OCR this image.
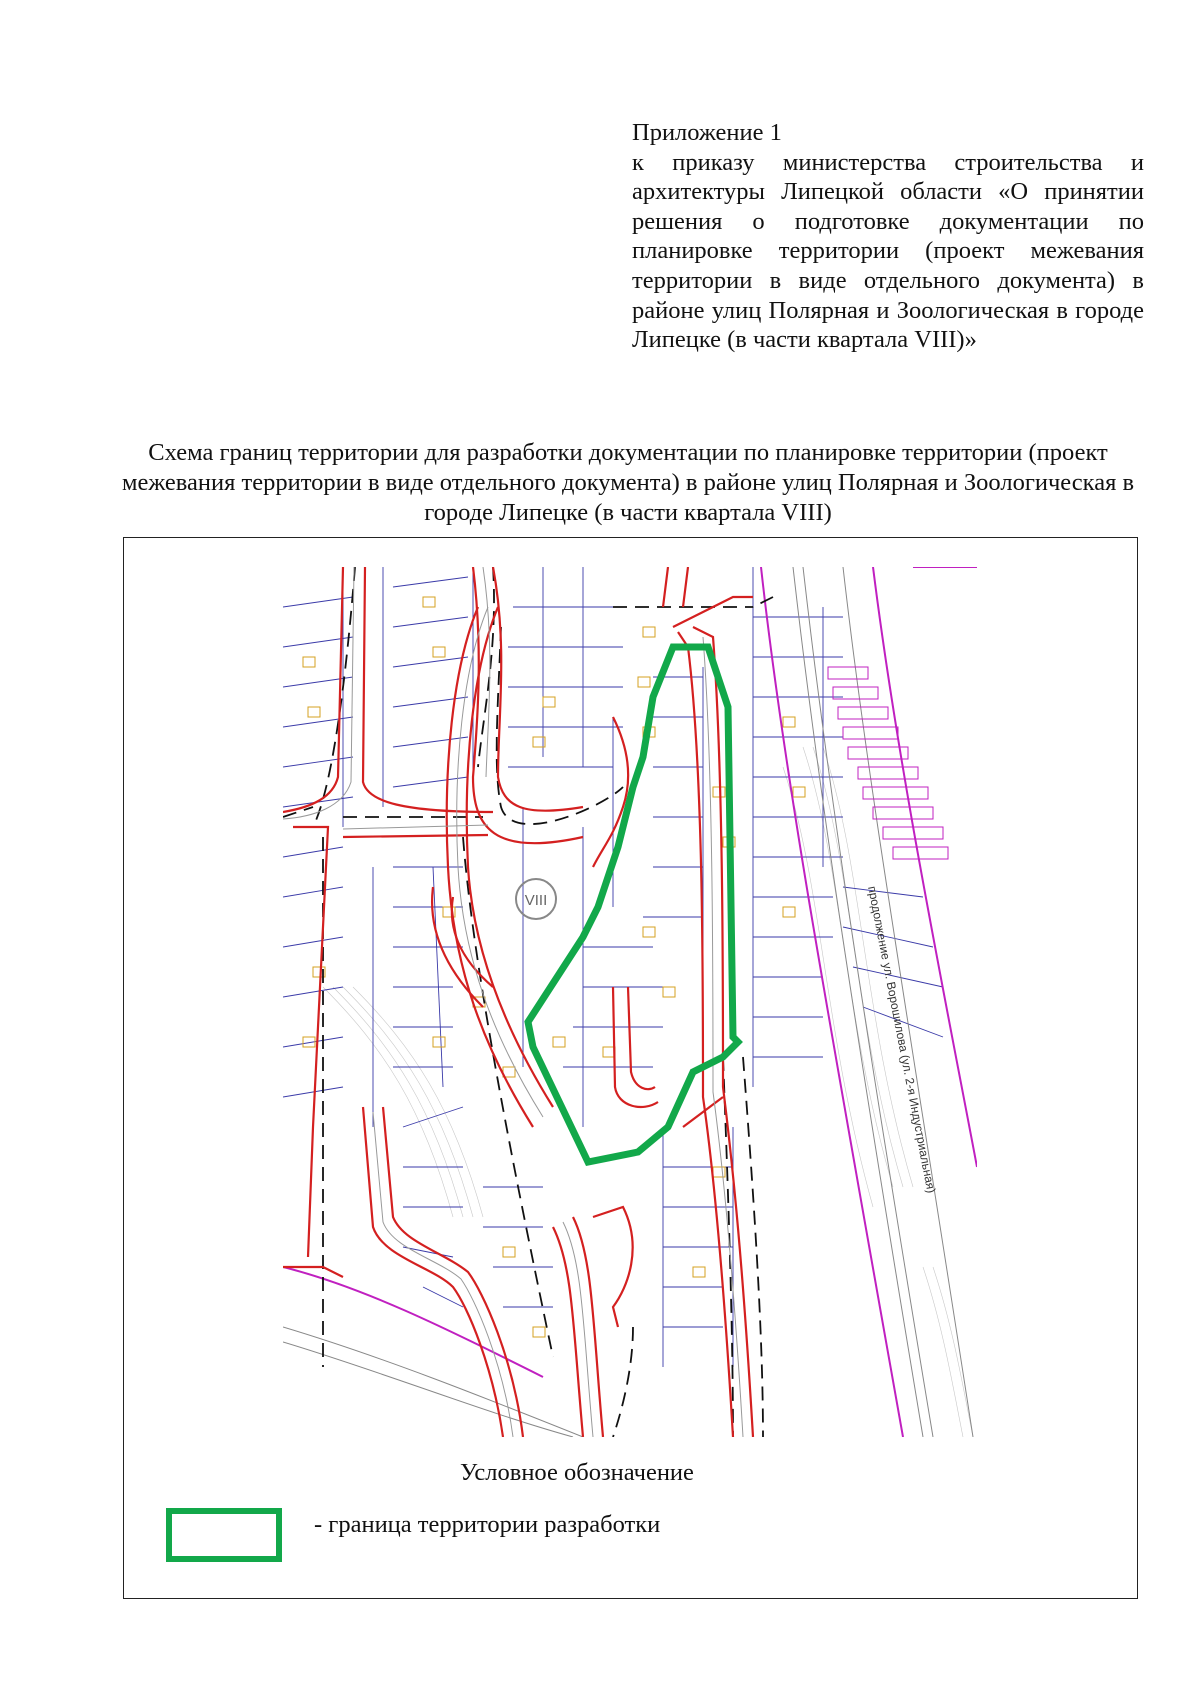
Приложение 1
к приказу министерства строительства и архитектуры Липецкой области «О принятии решения о подготовке документации по планировке территории (проект межевания территории в виде отдельного документа) в районе улиц Полярная и Зоологическая в городе Липецке (в части квартала VIII)»
Схема границ территории для разработки документации по планировке территории (проект межевания территории в виде отдельного документа) в районе улиц Полярная и Зоологическая в городе Липецке (в части квартала VIII)
VIII	продолжение ул. Ворошилова (ул. 2-я Индустриальная)
Условное обозначение
- граница территории разработки
